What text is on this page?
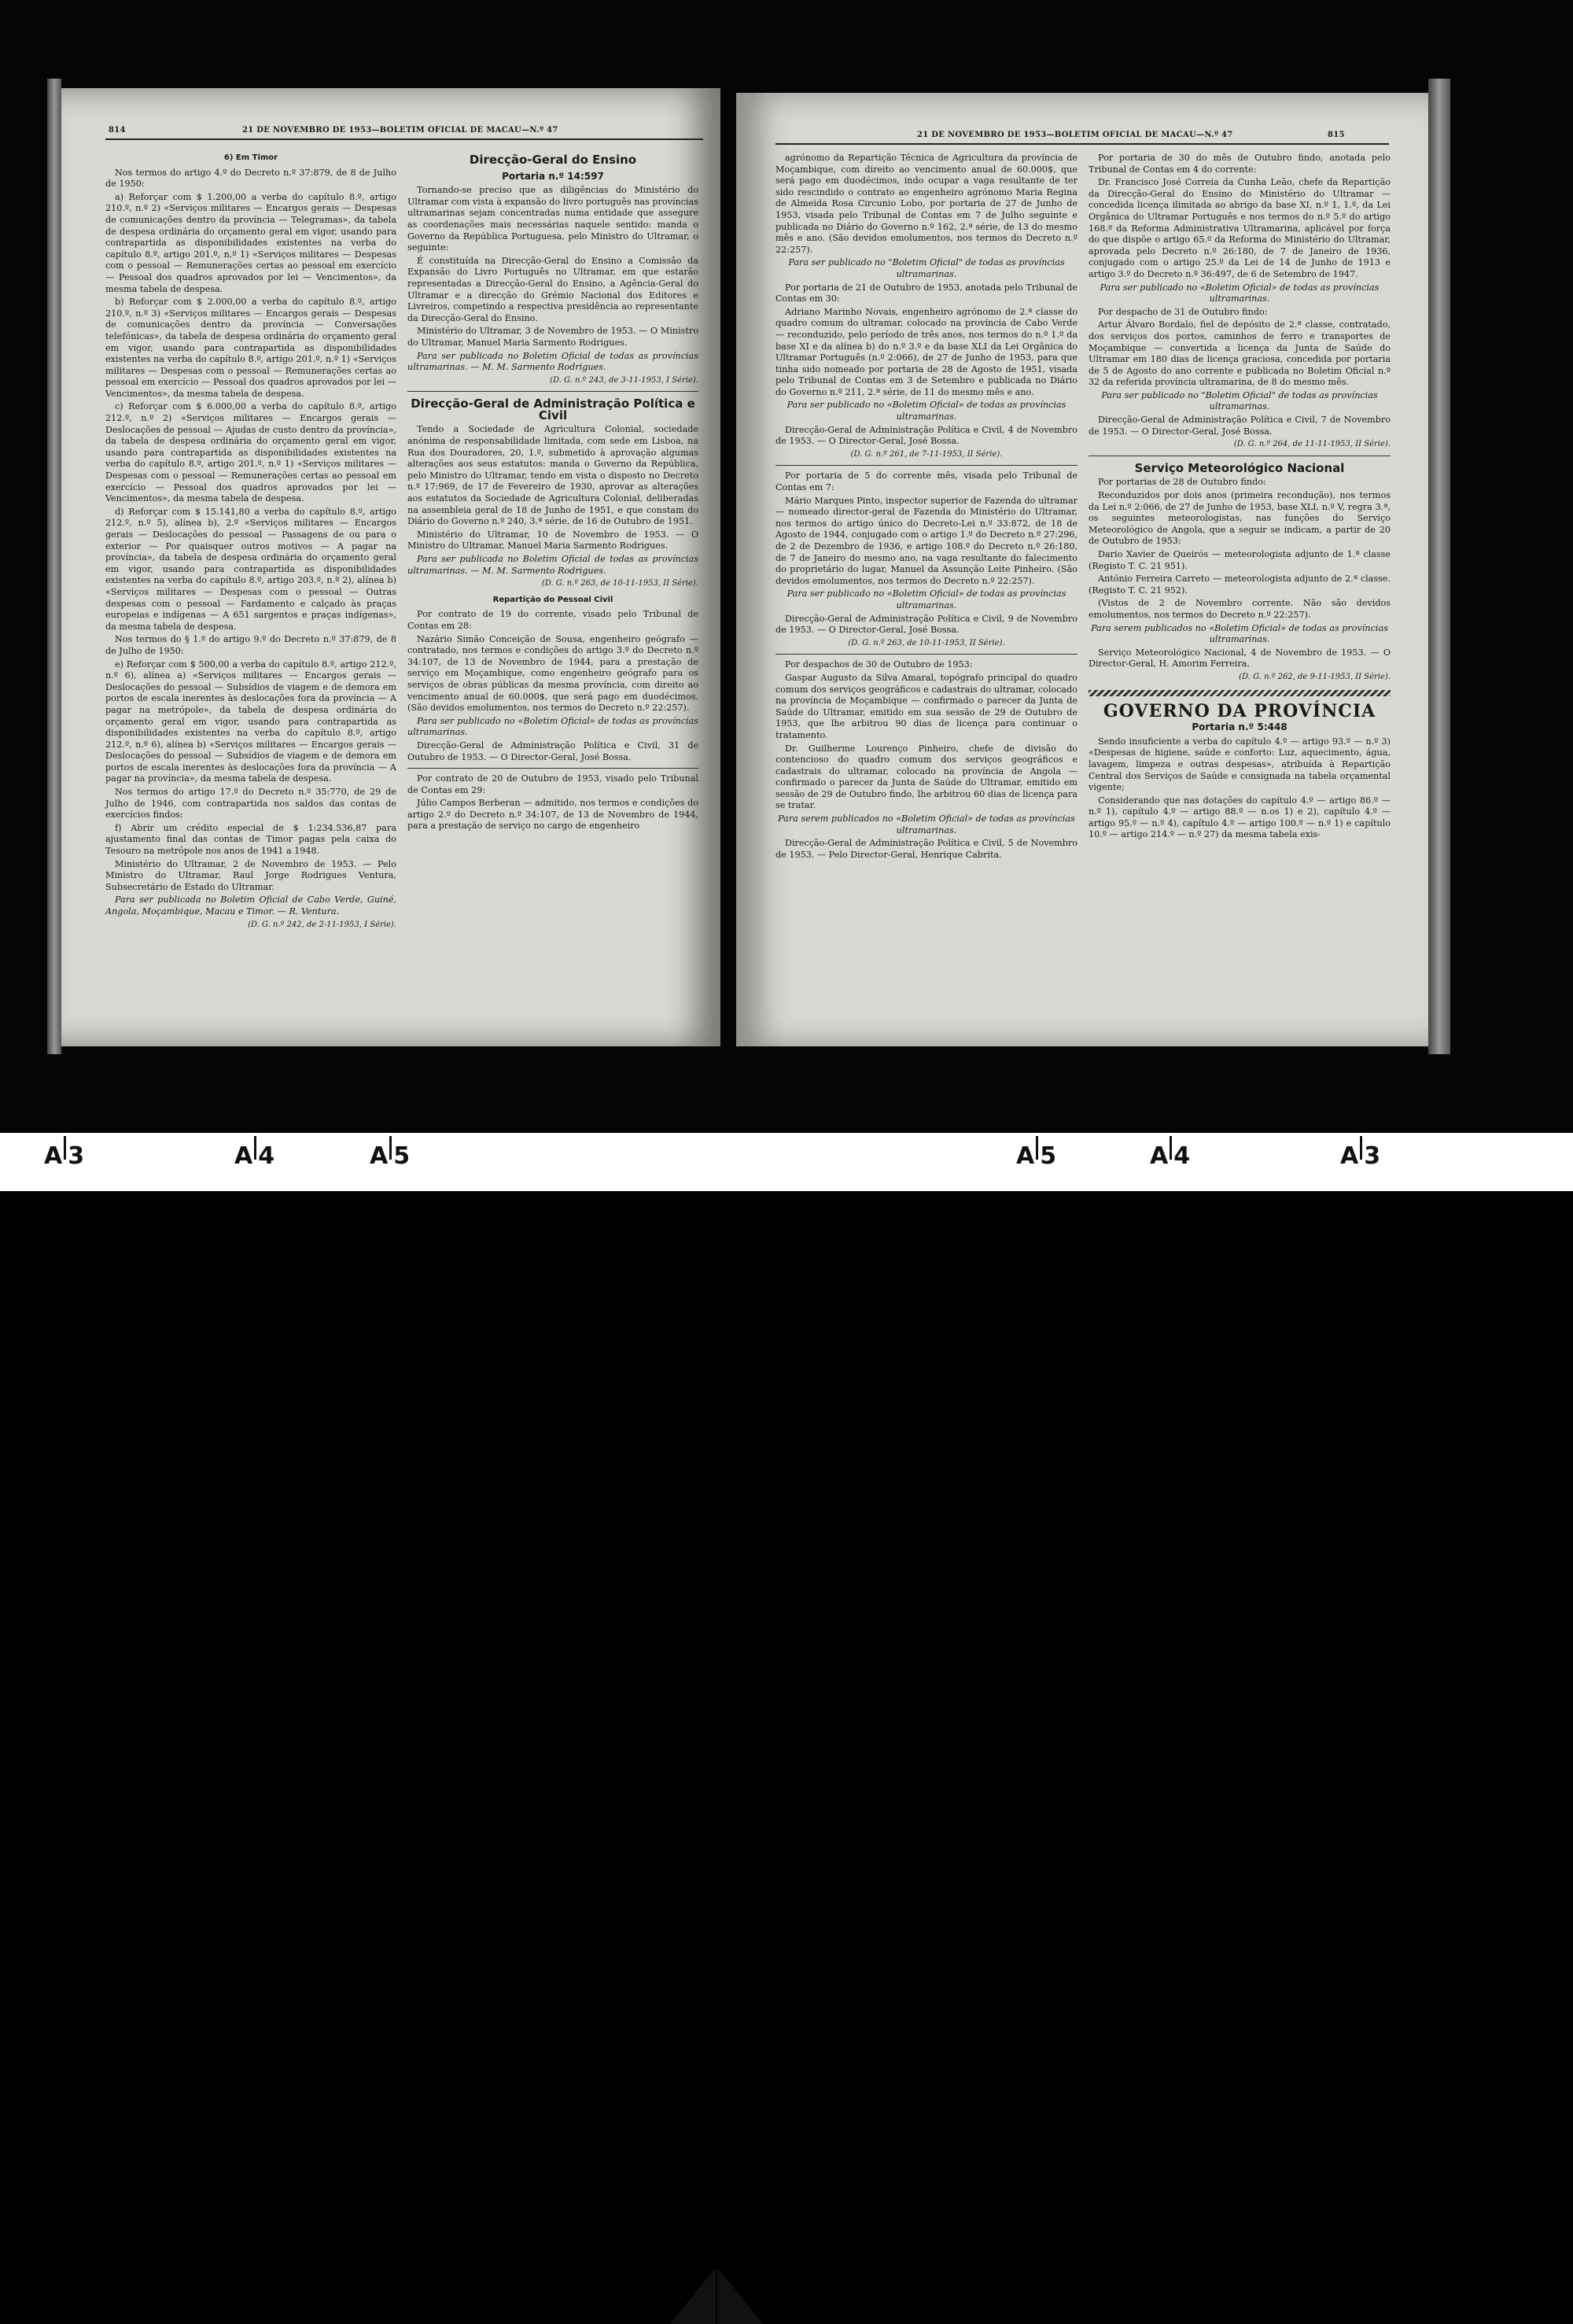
814	21 DE NOVEMBRO DE 1953—BOLETIM OFICIAL DE MACAU—N.º 47
6) Em Timor

Nos termos do artigo 4.º do Decreto n.º 37:879, de 8 de Julho de 1950:

a) Reforçar com $ 1.200,00 a verba do capítulo 8.º, artigo 210.º, n.º 2) «Serviços militares — Encargos gerais — Despesas de comunicações dentro da província — Telegramas», da tabela de despesa ordinária do orçamento geral em vigor, usando para contrapartida as disponibilidades existentes na verba do capítulo 8.º, artigo 201.º, n.º 1) «Serviços militares — Despesas com o pessoal — Remunerações certas ao pessoal em exercício — Pessoal dos quadros aprovados por lei — Vencimentos», da mesma tabela de despesa.

b) Reforçar com $ 2.000,00 a verba do capítulo 8.º, artigo 210.º, n.º 3) «Serviços militares — Encargos gerais — Despesas de comunicações dentro da província — Conversações telefónicas», da tabela de despesa ordinária do orçamento geral em vigor, usando para contrapartida as disponibilidades existentes na verba do capítulo 8.º, artigo 201.º, n.º 1) «Serviços militares — Despesas com o pessoal — Remunerações certas ao pessoal em exercício — Pessoal dos quadros aprovados por lei — Vencimentos», da mesma tabela de despesa.

c) Reforçar com $ 6.000,00 a verba do capítulo 8.º, artigo 212.º, n.º 2) «Serviços militares — Encargos gerais — Deslocações de pessoal — Ajudas de custo dentro da província», da tabela de despesa ordinária do orçamento geral em vigor, usando para contrapartida as disponibilidades existentes na verba do capítulo 8.º, artigo 201.º, n.º 1) «Serviços militares — Despesas com o pessoal — Remunerações certas ao pessoal em exercício — Pessoal dos quadros aprovados por lei — Vencimentos», da mesma tabela de despesa.

d) Reforçar com $ 15.141,80 a verba do capítulo 8.º, artigo 212.º, n.º 5), alínea b), 2.º «Serviços militares — Encargos gerais — Deslocações do pessoal — Passagens de ou para o exterior — Por quaisquer outros motivos — A pagar na província», da tabela de despesa ordinária do orçamento geral em vigor, usando para contrapartida as disponibilidades existentes na verba do capítulo 8.º, artigo 203.º, n.º 2), alínea b) «Serviços militares — Despesas com o pessoal — Outras despesas com o pessoal — Fardamento e calçado às praças europeias e indígenas — A 651 sargentos e praças indígenas», da mesma tabela de despesa.

Nos termos do § 1.º do artigo 9.º do Decreto n.º 37:879, de 8 de Julho de 1950:

e) Reforçar com $ 500,00 a verba do capítulo 8.º, artigo 212.º, n.º 6), alínea a) «Serviços militares — Encargos gerais — Deslocações do pessoal — Subsídios de viagem e de demora em portos de escala inerentes às deslocações fora da província — A pagar na metrópole», da tabela de despesa ordinária do orçamento geral em vigor, usando para contrapartida as disponibilidades existentes na verba do capítulo 8.º, artigo 212.º, n.º 6), alínea b) «Serviços militares — Encargos gerais — Deslocações do pessoal — Subsídios de viagem e de demora em portos de escala inerentes às deslocações fora da província — A pagar na província», da mesma tabela de despesa.

Nos termos do artigo 17.º do Decreto n.º 35:770, de 29 de Julho de 1946, com contrapartida nos saldos das contas de exercícios findos:

f) Abrir um crédito especial de $ 1:234.536,87 para ajustamento final das contas de Timor pagas pela caixa do Tesouro na metrópole nos anos de 1941 a 1948.

Ministério do Ultramar, 2 de Novembro de 1953. — Pelo Ministro do Ultramar, Raul Jorge Rodrigues Ventura, Subsecretário de Estado do Ultramar.

Para ser publicada no Boletim Oficial de Cabo Verde, Guiné, Angola, Moçambique, Macau e Timor. — R. Ventura.

(D. G. n.º 242, de 2-11-1953, I Série).

Direcção-Geral do Ensino
Portaria n.º 14:597

Tornando-se preciso que as diligências do Ministério do Ultramar com vista à expansão do livro português nas províncias ultramarinas sejam concentradas numa entidade que assegure as coordenações mais necessárias naquele sentido: manda o Governo da República Portuguesa, pelo Ministro do Ultramar, o seguinte:

É constituída na Direcção-Geral do Ensino a Comissão da Expansão do Livro Português no Ultramar, em que estarão representadas a Direcção-Geral do Ensino, a Agência-Geral do Ultramar e a direcção do Grémio Nacional dos Editores e Livreiros, competindo a respectiva presidência ao representante da Direcção-Geral do Ensino.

Ministério do Ultramar, 3 de Novembro de 1953. — O Ministro do Ultramar, Manuel Maria Sarmento Rodrigues.

Para ser publicada no Boletim Oficial de todas as províncias ultramarinas. — M. M. Sarmento Rodrigues.

(D. G. n.º 243, de 3-11-1953, I Série).

Direcção-Geral de Administração Política e Civil

Tendo a Sociedade de Agricultura Colonial, sociedade anónima de responsabilidade limitada, com sede em Lisboa, na Rua dos Douradores, 20, 1.º, submetido à aprovação algumas alterações aos seus estatutos: manda o Governo da República, pelo Ministro do Ultramar, tendo em vista o disposto no Decreto n.º 17:969, de 17 de Fevereiro de 1930, aprovar as alterações aos estatutos da Sociedade de Agricultura Colonial, deliberadas na assembleia geral de 18 de Junho de 1951, e que constam do Diário do Governo n.º 240, 3.ª série, de 16 de Outubro de 1951.

Ministério do Ultramar, 10 de Novembro de 1953. — O Ministro do Ultramar, Manuel Maria Sarmento Rodrigues.

Para ser publicada no Boletim Oficial de todas as províncias ultramarinas. — M. M. Sarmento Rodrigues.

(D. G. n.º 263, de 10-11-1953, II Série).

Repartição do Pessoal Civil

Por contrato de 19 do corrente, visado pelo Tribunal de Contas em 28:

Nazário Simão Conceição de Sousa, engenheiro geógrafo — contratado, nos termos e condições do artigo 3.º do Decreto n.º 34:107, de 13 de Novembro de 1944, para a prestação de serviço em Moçambique, como engenheiro geógrafo para os serviços de obras públicas da mesma província, com direito ao vencimento anual de 60.000$, que será pago em duodécimos. (São devidos emolumentos, nos termos do Decreto n.º 22:257).

Para ser publicado no «Boletim Oficial» de todas as províncias ultramarinas.

Direcção-Geral de Administração Política e Civil, 31 de Outubro de 1953. — O Director-Geral, José Bossa.

Por contrato de 20 de Outubro de 1953, visado pelo Tribunal de Contas em 29:

Júlio Campos Berberan — admitido, nos termos e condições do artigo 2.º do Decreto n.º 34:107, de 13 de Novembro de 1944, para a prestação de serviço no cargo de engenheiro

21 DE NOVEMBRO DE 1953—BOLETIM OFICIAL DE MACAU—N.º 47	815

agrónomo da Repartição Técnica de Agricultura da província de Moçambique, com direito ao vencimento anual de 60.000$, que será pago em duodécimos, indo ocupar a vaga resultante de ter sido rescindido o contrato ao engenheiro agrónomo Maria Regina de Almeida Rosa Circunio Lobo, por portaria de 27 de Junho de 1953, visada pelo Tribunal de Contas em 7 de Julho seguinte e publicada no Diário do Governo n.º 162, 2.ª série, de 13 do mesmo mês e ano. (São devidos emolumentos, nos termos do Decreto n.º 22:257).

Para ser publicado no "Boletim Oficial" de todas as províncias ultramarinas.

Por portaria de 21 de Outubro de 1953, anotada pelo Tribunal de Contas em 30:

Adriano Marinho Novais, engenheiro agrónomo de 2.ª classe do quadro comum do ultramar, colocado na província de Cabo Verde — reconduzido, pelo período de três anos, nos termos do n.º 1.º da base XI e da alínea b) do n.º 3.º e da base XLI da Lei Orgânica do Ultramar Português (n.º 2:066), de 27 de Junho de 1953, para que tinha sido nomeado por portaria de 28 de Agosto de 1951, visada pelo Tribunal de Contas em 3 de Setembro e publicada no Diário do Governo n.º 211, 2.ª série, de 11 do mesmo mês e ano.

Para ser publicado no «Boletim Oficial» de todas as províncias ultramarinas.

Direcção-Geral de Administração Política e Civil, 4 de Novembro de 1953. — O Director-Geral, José Bossa.

(D. G. n.º 261, de 7-11-1953, II Série).

Por portaria de 5 do corrente mês, visada pelo Tribunal de Contas em 7:

Mário Marques Pinto, inspector superior de Fazenda do ultramar — nomeado director-geral de Fazenda do Ministério do Ultramar, nos termos do artigo único do Decreto-Lei n.º 33:872, de 18 de Agosto de 1944, conjugado com o artigo 1.º do Decreto n.º 27:296, de 2 de Dezembro de 1936, e artigo 108.º do Decreto n.º 26:180, de 7 de Janeiro do mesmo ano, na vaga resultante do falecimento do proprietário do lugar, Manuel da Assunção Leite Pinheiro. (São devidos emolumentos, nos termos do Decreto n.º 22:257).

Para ser publicado no «Boletim Oficial» de todas as províncias ultramarinas.

Direcção-Geral de Administração Política e Civil, 9 de Novembro de 1953. — O Director-Geral, José Bossa.

(D. G. n.º 263, de 10-11-1953, II Série).

Por despachos de 30 de Outubro de 1953:

Gaspar Augusto da Silva Amaral, topógrafo principal do quadro comum dos serviços geográficos e cadastrais do ultramar, colocado na província de Moçambique — confirmado o parecer da Junta de Saúde do Ultramar, emitido em sua sessão de 29 de Outubro de 1953, que lhe arbitrou 90 dias de licença para continuar o tratamento.

Dr. Guilherme Lourenço Pinheiro, chefe de divisão do contencioso do quadro comum dos serviços geográficos e cadastrais do ultramar, colocado na província de Angola — confirmado o parecer da Junta de Saúde do Ultramar, emitido em sessão de 29 de Outubro findo, lhe arbitrou 60 dias de licença para se tratar.

Para serem publicados no «Boletim Oficial» de todas as províncias ultramarinas.

Direcção-Geral de Administração Política e Civil, 5 de Novembro de 1953. — Pelo Director-Geral, Henrique Cabrita.

Por portaria de 30 do mês de Outubro findo, anotada pelo Tribunal de Contas em 4 do corrente:

Dr. Francisco José Correia da Cunha Leão, chefe da Repartição da Direcção-Geral do Ensino do Ministério do Ultramar — concedida licença ilimitada ao abrigo da base XI, n.º 1, 1.º, da Lei Orgânica do Ultramar Português e nos termos do n.º 5.º do artigo 168.º da Reforma Administrativa Ultramarina, aplicável por força do que dispõe o artigo 65.º da Reforma do Ministério do Ultramar, aprovada pelo Decreto n.º 26:180, de 7 de Janeiro de 1936, conjugado com o artigo 25.º da Lei de 14 de Junho de 1913 e artigo 3.º do Decreto n.º 36:497, de 6 de Setembro de 1947.

Para ser publicado no «Boletim Oficial» de todas as províncias ultramarinas.

Por despacho de 31 de Outubro findo:

Artur Álvaro Bordalo, fiel de depósito de 2.ª classe, contratado, dos serviços dos portos, caminhos de ferro e transportes de Moçambique — convertida a licença da Junta de Saúde do Ultramar em 180 dias de licença graciosa, concedida por portaria de 5 de Agosto do ano corrente e publicada no Boletim Oficial n.º 32 da referida província ultramarina, de 8 do mesmo mês.

Para ser publicado no "Boletim Oficial" de todas as províncias ultramarinas.

Direcção-Geral de Administração Política e Civil, 7 de Novembro de 1953. — O Director-Geral, José Bossa.

(D. G. n.º 264, de 11-11-1953, II Série).

Serviço Meteorológico Nacional

Por portarias de 28 de Outubro findo:

Reconduzidos por dois anos (primeira recondução), nos termos da Lei n.º 2:066, de 27 de Junho de 1953, base XLI, n.º V, regra 3.ª, os seguintes meteorologistas, nas funções do Serviço Meteorológico de Angola, que a seguir se indicam, a partir de 20 de Outubro de 1953:

Dario Xavier de Queirós — meteorologista adjunto de 1.ª classe (Registo T. C. 21 951).

António Ferreira Carreto — meteorologista adjunto de 2.ª classe. (Registo T. C. 21 952).

(Vistos de 2 de Novembro corrente. Não são devidos emolumentos, nos termos do Decreto n.º 22:257).

Para serem publicados no «Boletim Oficial» de todas as províncias ultramarinas.

Serviço Meteorológico Nacional, 4 de Novembro de 1953. — O Director-Geral, H. Amorim Ferreira.

(D. G. n.º 262, de 9-11-1953, II Série).

GOVERNO DA PROVÍNCIA
Portaria n.º 5:448

Sendo insuficiente a verba do capítulo 4.º — artigo 93.º — n.º 3) «Despesas de higiene, saúde e conforto: Luz, aquecimento, água, lavagem, limpeza e outras despesas», atribuída à Repartição Central dos Serviços de Saúde e consignada na tabela orçamental vigente;

Considerando que nas dotações do capítulo 4.º — artigo 86.º — n.º 1), capítulo 4.º — artigo 88.º — n.os 1) e 2), capítulo 4.º — artigo 95.º — n.º 4), capítulo 4.º — artigo 100.º — n.º 1) e capítulo 10.º — artigo 214.º — n.º 27) da mesma tabela exis-

A 3	A 4	A 5	A 5	A 4	A 3
